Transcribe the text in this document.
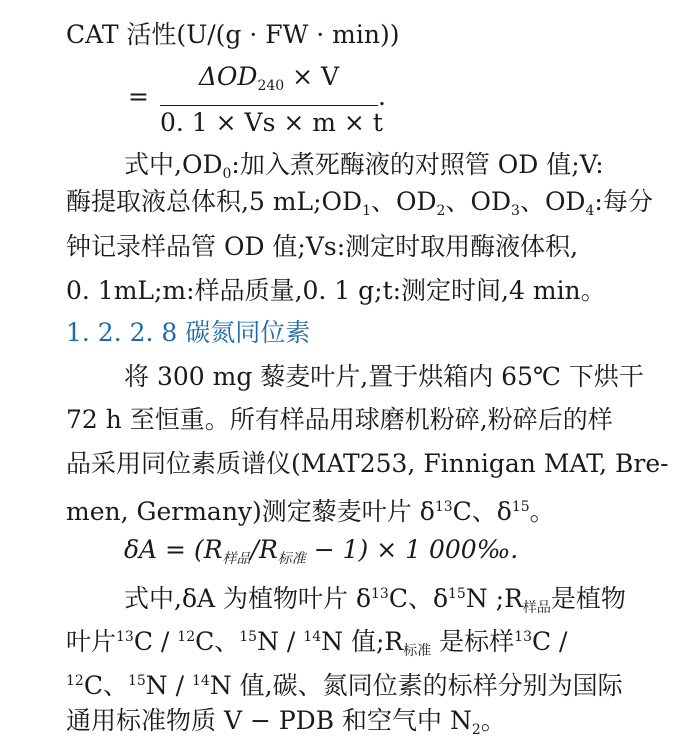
CAT 活性(U/(g · FW · min))
=
$\Delta OD_{240} \times V$
0. 1 × Vs × m × t
.
式中$,OD_0$:加入煮死酶液的对照管 OD 值;V:
酶提取液总体积,5 $mL;OD_1$、$OD_2$、$OD_3$、$OD_4$:每分
钟记录样品管 OD 值;Vs:测定时取用酶液体积,
0. 1mL;m:样品质量,0. 1 g;t:测定时间,4 min。
1. 2. 2. 8 碳氮同位素
将 300 mg 藜麦叶片,置于烘箱内 65℃ 下烘干
72 h 至恒重。所有样品用球磨机粉碎,粉碎后的样
品采用同位素质谱仪(MAT253, Finnigan MAT, Bre-
men, Germany)测定藜麦叶片 $\delta^{13}C$、$\delta^{15}$。
$\delta A = (R_{样品}/R_{标准} - 1) \times 1$ 000‰.
式中,δA 为植物叶片 $\delta^{13}C$、$\delta^{15}N$ $;R_{样品}$是植物
叶片$^{13}$C / $^{12}$C、$^{15}$N / $^{14}$N 值$;R_{标准}$ 是标样$^{13}$C /
$^{12}$C、$^{15}$N / $^{14}$N 值,碳、氮同位素的标样分别为国际
通用标准物质 V − PDB 和空气中 $N_2$。
